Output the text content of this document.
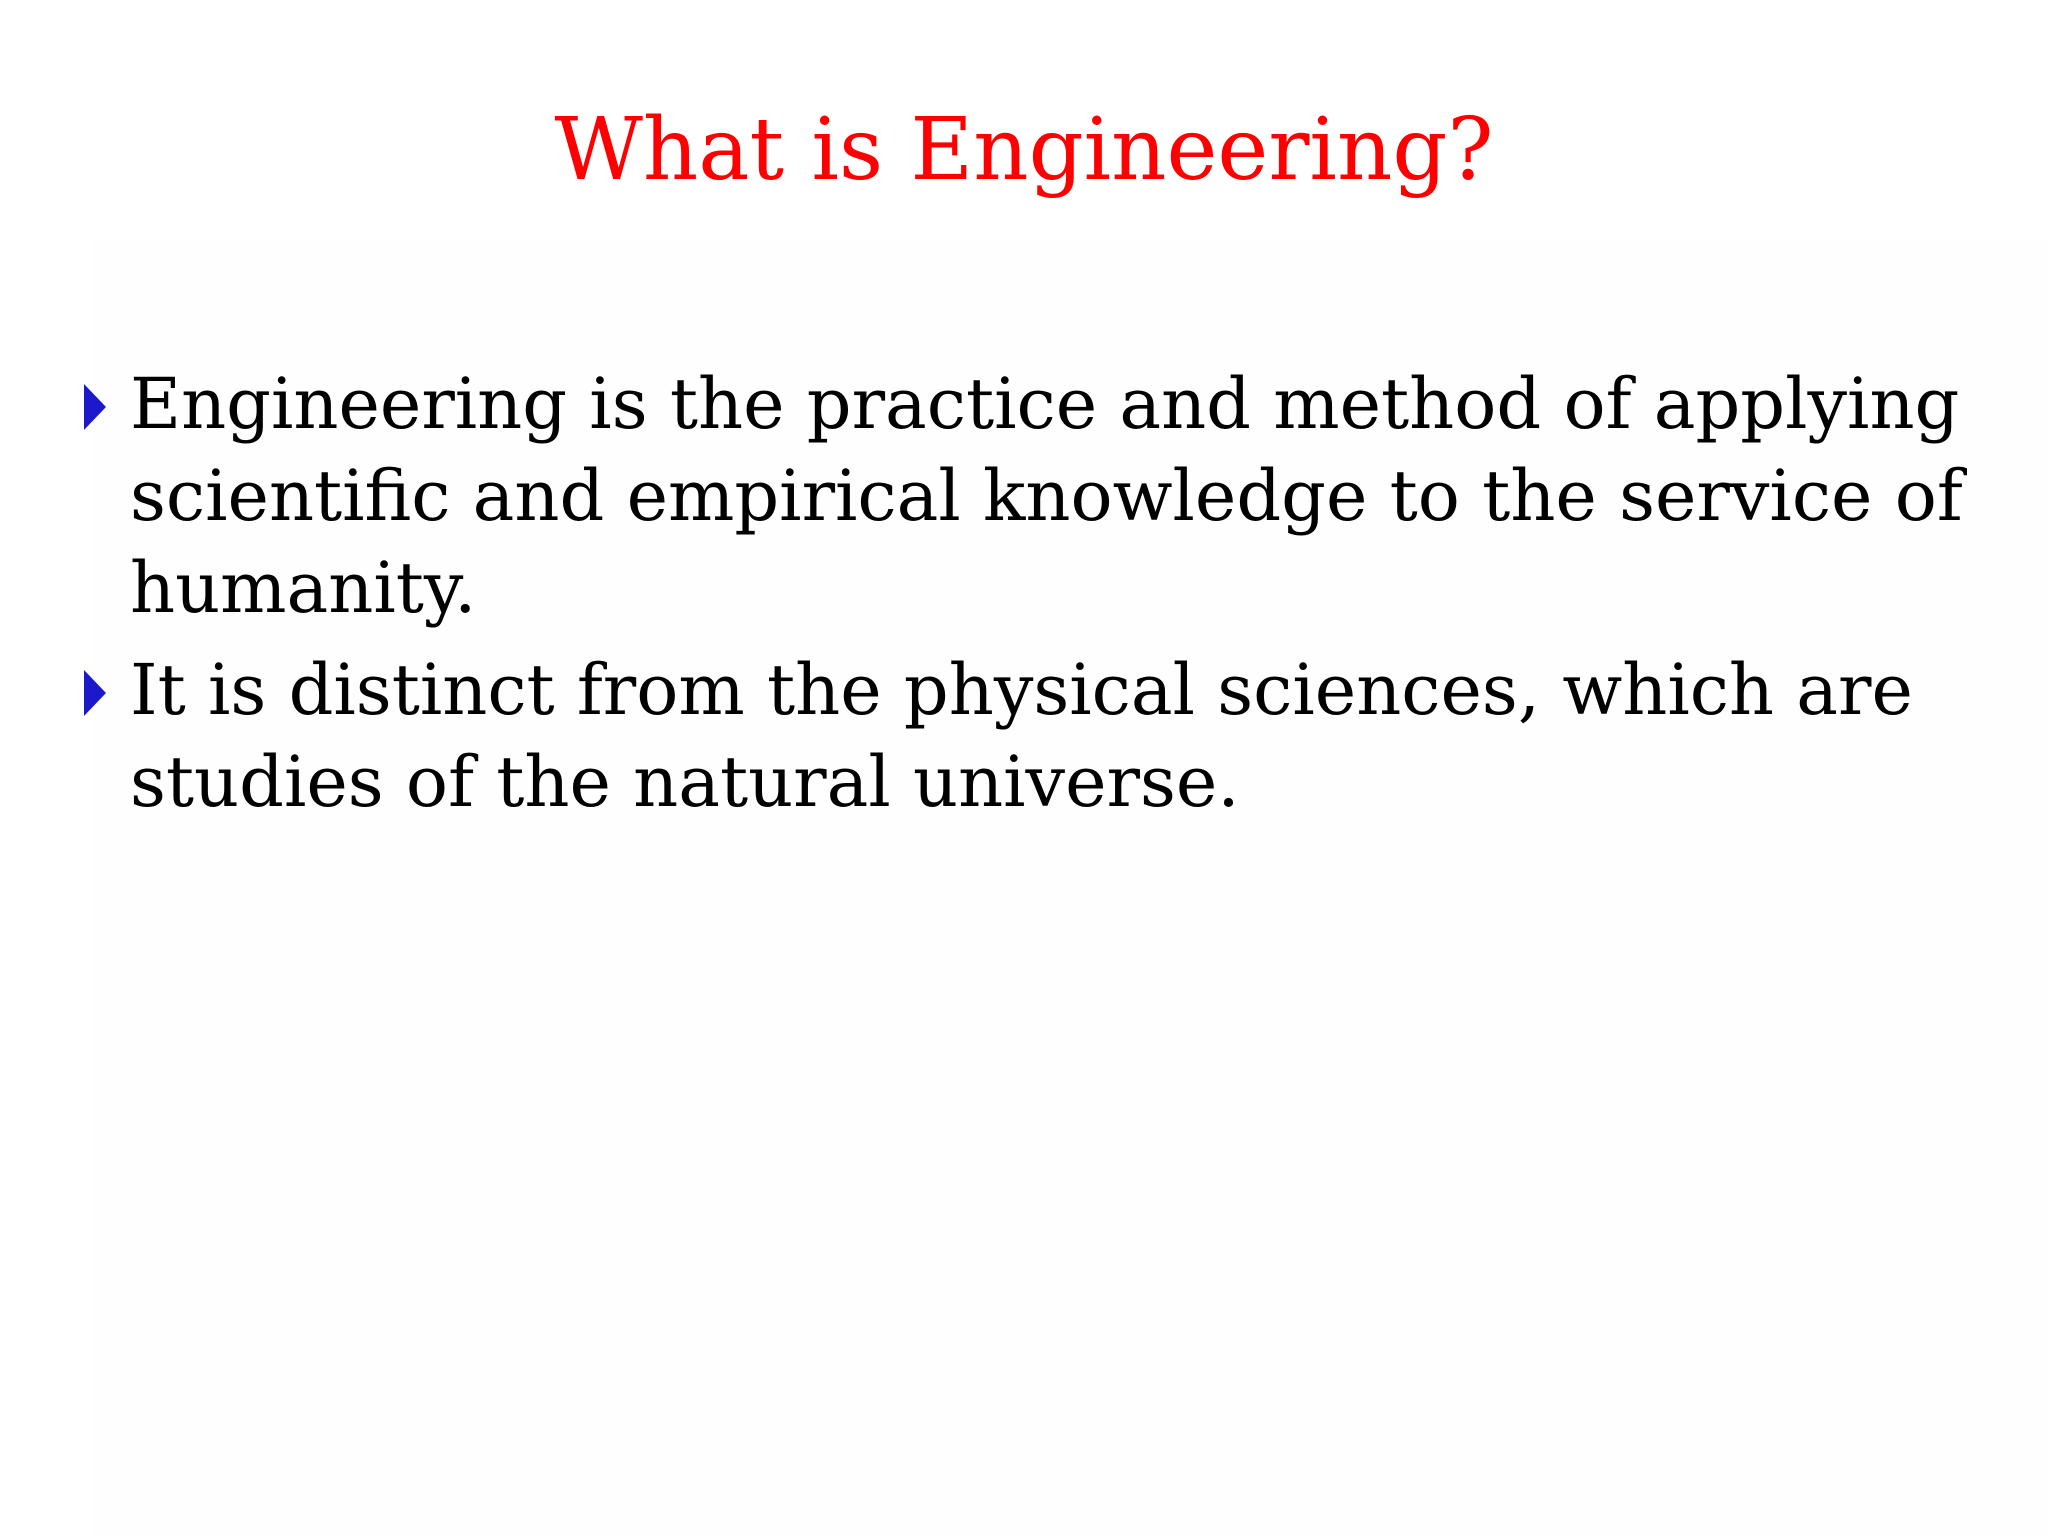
What is Engineering?
Engineering is the practice and method of applying scientific and empirical knowledge to the service of humanity.
It is distinct from the physical sciences, which are studies of the natural universe.
